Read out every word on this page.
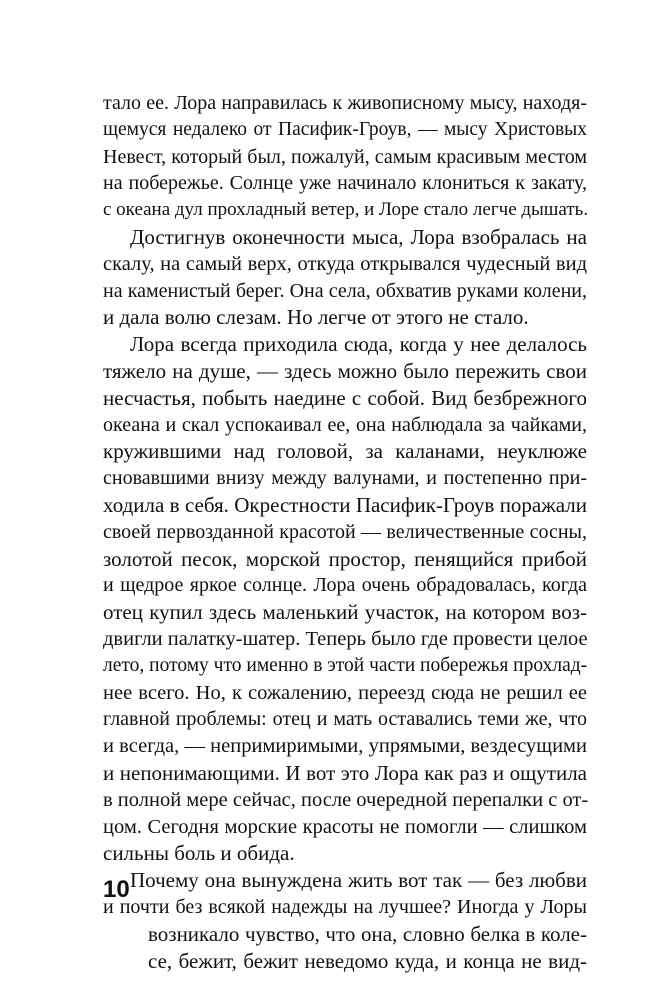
тало ее. Лора направилась к живописному мысу, находя-
щемуся недалеко от Пасифик-Гроув, — мысу Христовых
Невест, который был, пожалуй, самым красивым местом
на побережье. Солнце уже начинало клониться к закату,
с океана дул прохладный ветер, и Лоре стало легче дышать.
Достигнув оконечности мыса, Лора взобралась на
скалу, на самый верх, откуда открывался чудесный вид
на каменистый берег. Она села, обхватив руками колени,
и дала волю слезам. Но легче от этого не стало.
Лора всегда приходила сюда, когда у нее делалось
тяжело на душе, — здесь можно было пережить свои
несчастья, побыть наедине с собой. Вид безбрежного
океана и скал успокаивал ее, она наблюдала за чайками,
кружившими над головой, за каланами, неуклюже
сновавшими внизу между валунами, и постепенно при-
ходила в себя. Окрестности Пасифик-Гроув поражали
своей первозданной красотой — величественные сосны,
золотой песок, морской простор, пенящийся прибой
и щедрое яркое солнце. Лора очень обрадовалась, когда
отец купил здесь маленький участок, на котором воз-
двигли палатку-шатер. Теперь было где провести целое
лето, потому что именно в этой части побережья прохлад-
нее всего. Но, к сожалению, переезд сюда не решил ее
главной проблемы: отец и мать оставались теми же, что
и всегда, — непримиримыми, упрямыми, вездесущими
и непонимающими. И вот это Лора как раз и ощутила
в полной мере сейчас, после очередной перепалки с от-
цом. Сегодня морские красоты не помогли — слишком
сильны боль и обида.
Почему она вынуждена жить вот так — без любви
и почти без всякой надежды на лучшее? Иногда у Лоры
возникало чувство, что она, словно белка в коле-
се, бежит, бежит неведомо куда, и конца не вид-
10
